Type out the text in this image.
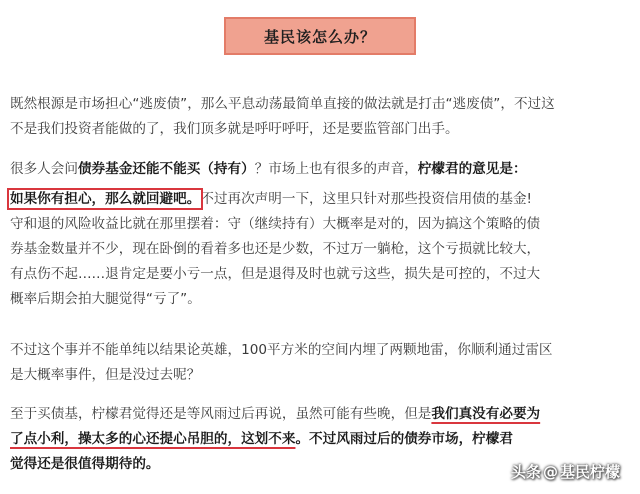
基民该怎么办？
既然根源是市场担心“逃废债”，那么平息动荡最简单直接的做法就是打击“逃废债”，不过这
不是我们投资者能做的了，我们顶多就是呼吁呼吁，还是要监管部门出手。
很多人会问债券基金还能不能买（持有）？市场上也有很多的声音，柠檬君的意见是：
如果你有担心，那么就回避吧。不过再次声明一下，这里只针对那些投资信用债的基金!
守和退的风险收益比就在那里摆着：守（继续持有）大概率是对的，因为搞这个策略的债
券基金数量并不少，现在卧倒的看着多也还是少数，不过万一躺枪，这个亏损就比较大，
有点伤不起……退肯定是要小亏一点，但是退得及时也就亏这些，损失是可控的，不过大
概率后期会拍大腿觉得“亏了”。
不过这个事并不能单纯以结果论英雄，100平方米的空间内埋了两颗地雷，你顺利通过雷区
是大概率事件，但是没过去呢？
至于买债基，柠檬君觉得还是等风雨过后再说，虽然可能有些晚，但是我们真没有必要为
了点小利，操太多的心还提心吊胆的，这划不来。不过风雨过后的债券市场，柠檬君
觉得还是很值得期待的。	头条 @ 基民柠檬
